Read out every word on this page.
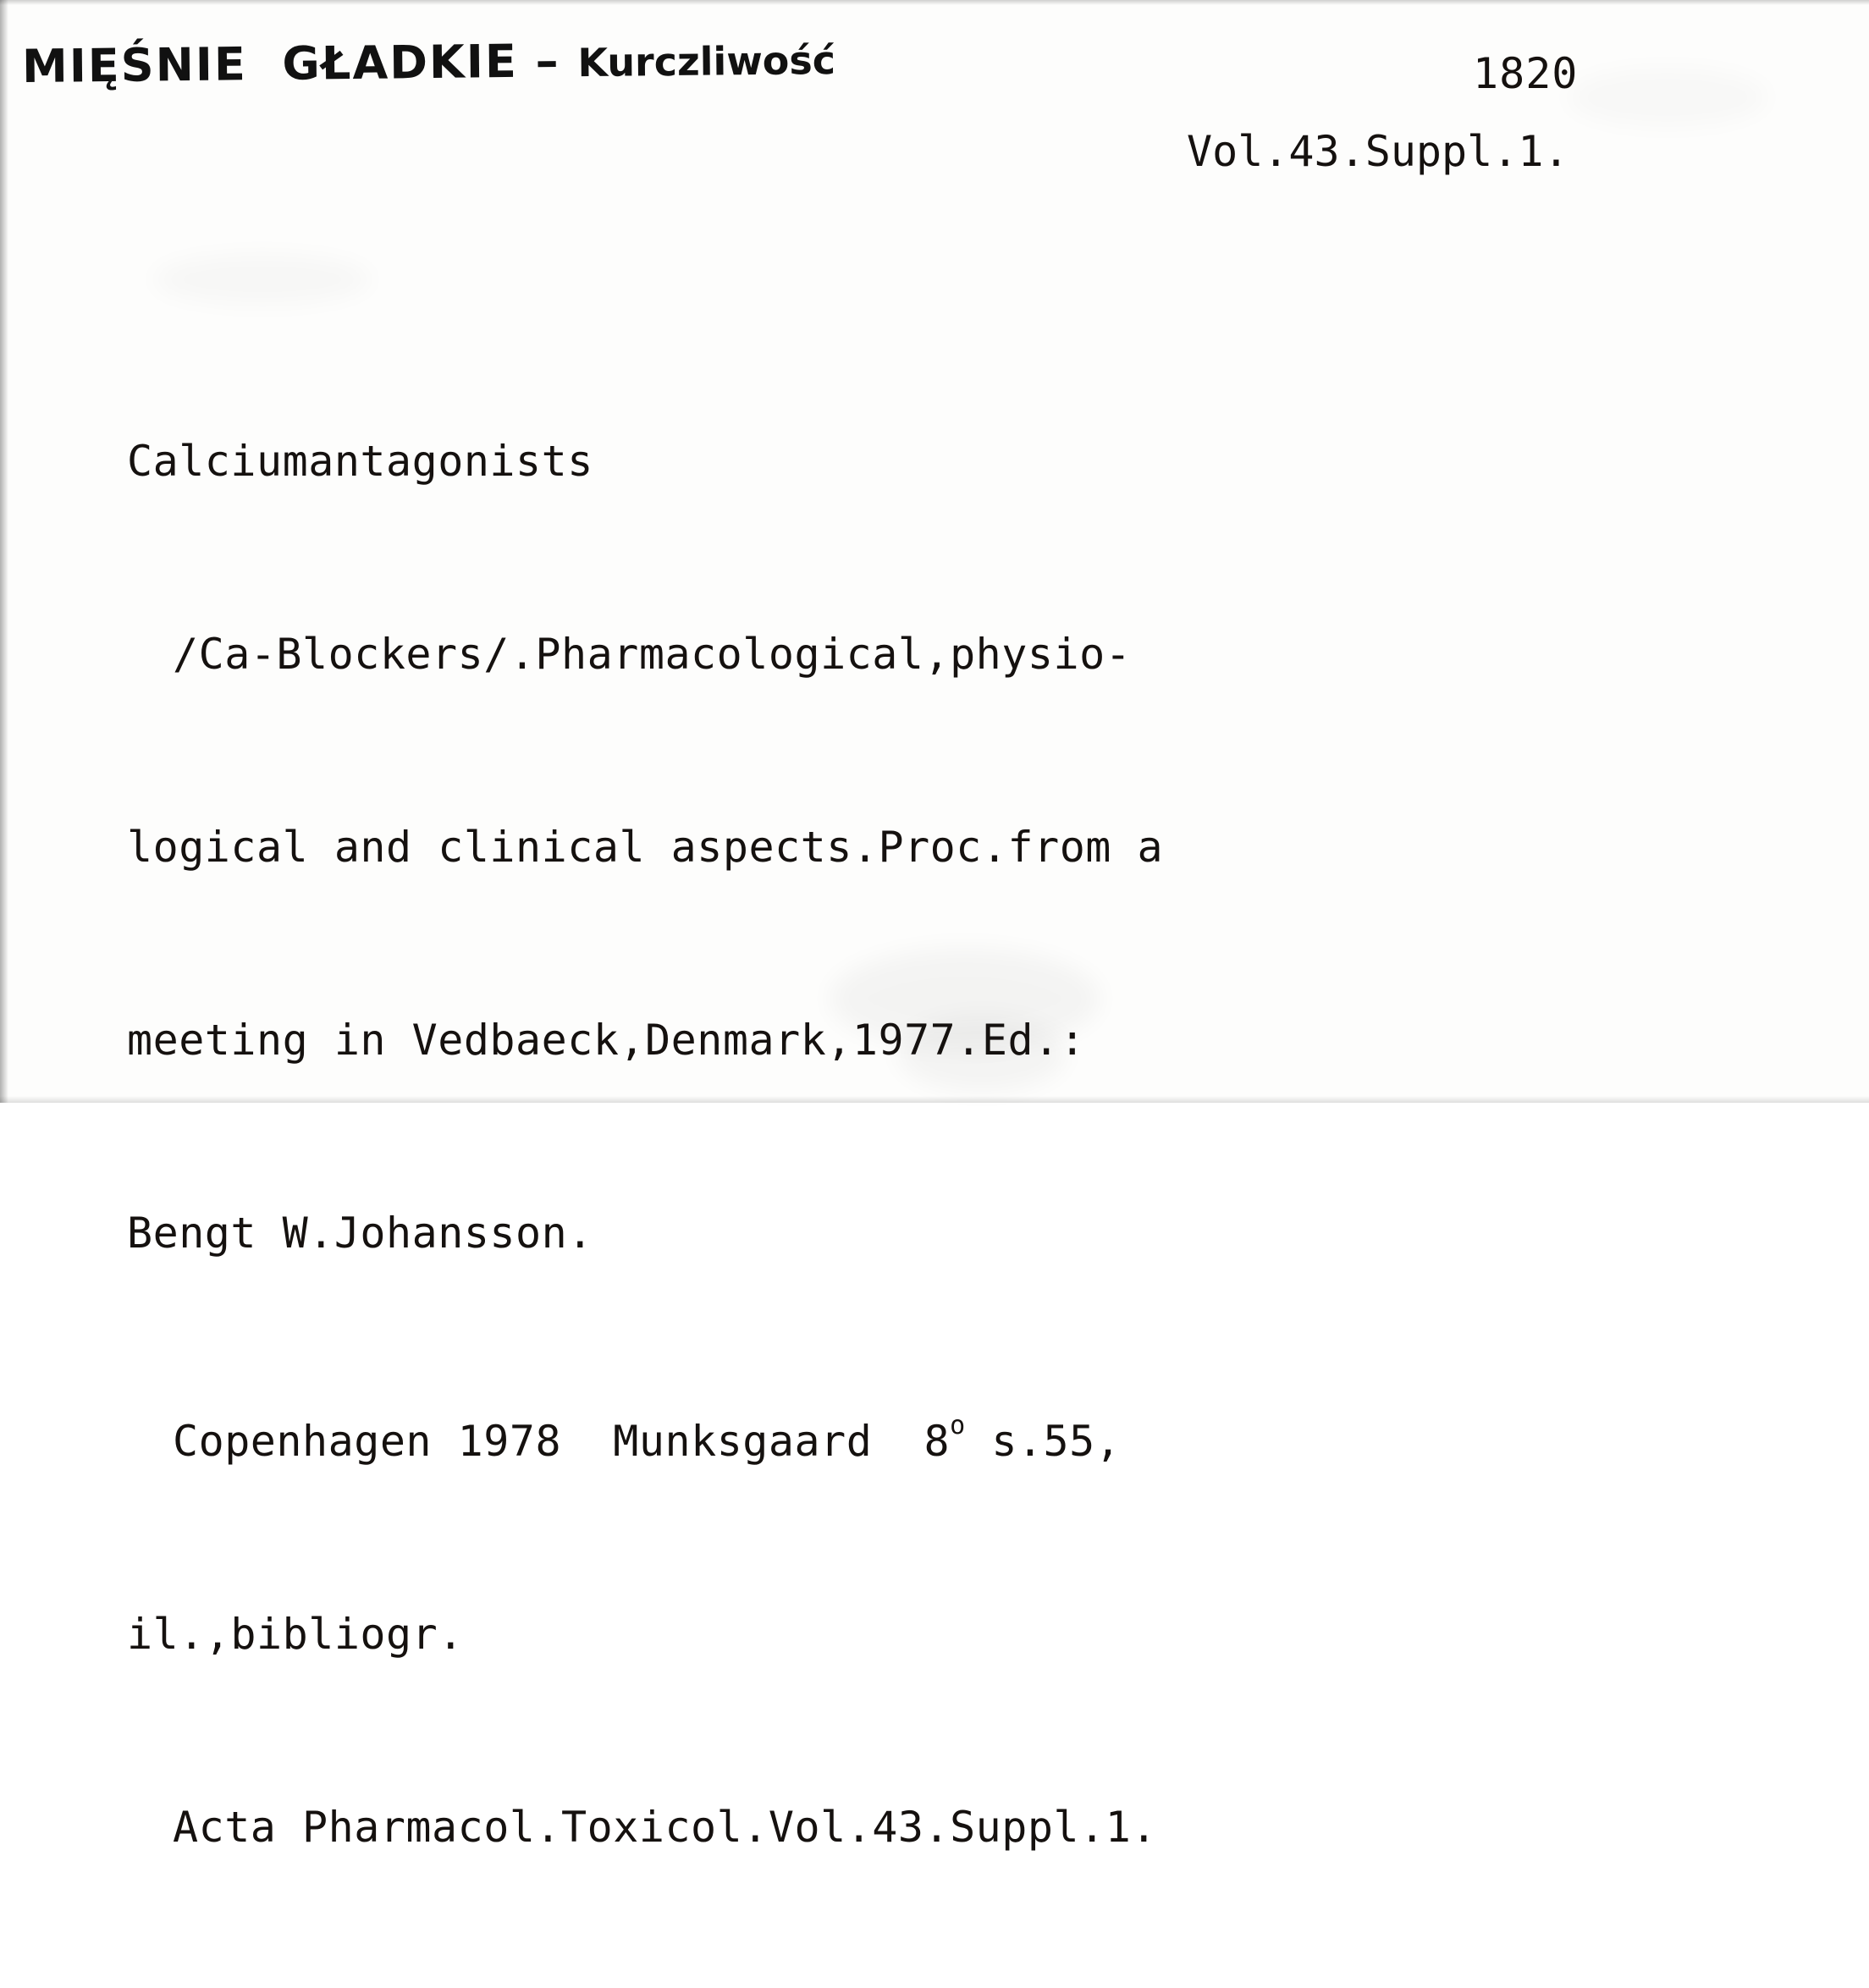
MIĘŚNIE  GŁADKIE – Kurczliwość	1820
Vol.43.Suppl.1.

Calciumantagonists

/Ca-Blockers/.Pharmacological,physio-

logical and clinical aspects.Proc.from a

meeting in Vedbaeck,Denmark,1977.Ed.:

Bengt W.Johansson.

Copenhagen 1978 Munksgaard 8$^o$ s.55,

il.,bibliogr.

Acta Pharmacol.Toxicol.Vol.43.Suppl.1.
